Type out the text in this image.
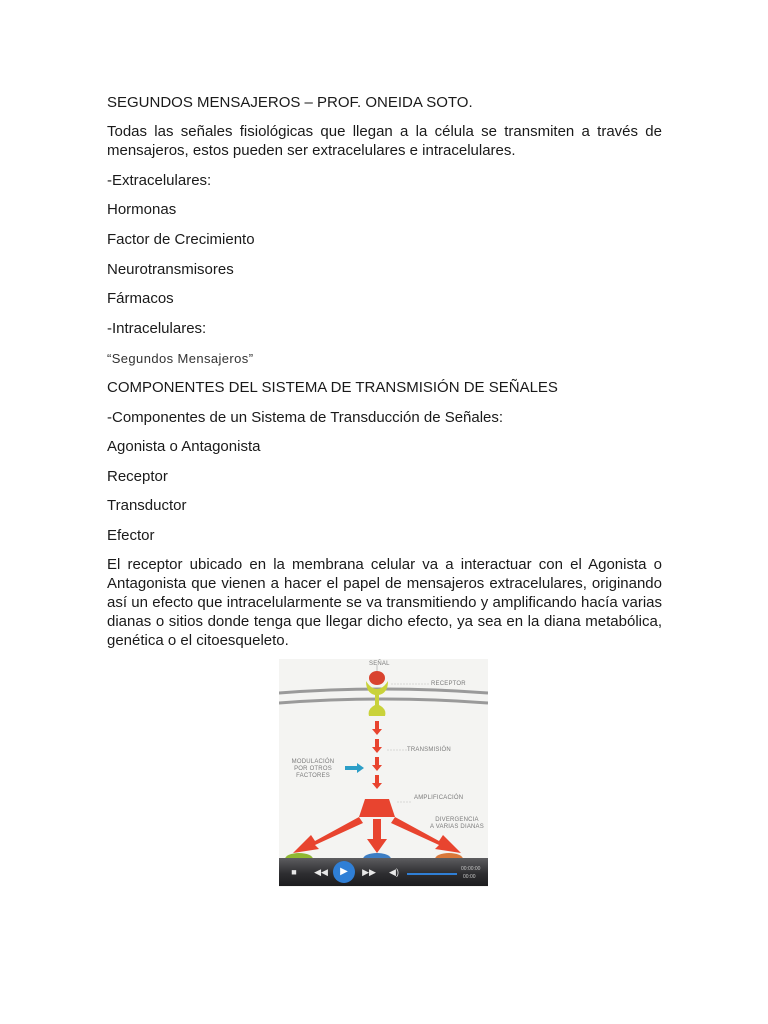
SEGUNDOS MENSAJEROS – PROF. ONEIDA SOTO.

Todas las señales fisiológicas que llegan a la célula se transmiten a través de mensajeros, estos pueden ser extracelulares e intracelulares.

-Extracelulares:

Hormonas

Factor de Crecimiento

Neurotransmisores

Fármacos

-Intracelulares:

“Segundos Mensajeros”

COMPONENTES DEL SISTEMA DE TRANSMISIÓN DE SEÑALES

-Componentes de un Sistema de Transducción de Señales:

Agonista o Antagonista

Receptor

Transductor

Efector

El receptor ubicado en la membrana celular va a interactuar con el Agonista o Antagonista que vienen a hacer el papel de mensajeros extracelulares, originando así un efecto que intracelularmente se va transmitiendo y amplificando hacía varias dianas o sitios donde tenga que llegar dicho efecto, ya sea en la diana metabólica, genética o el citoesqueleto.

SEÑAL
RECEPTOR
TRANSMISIÓN
MODULACIÓN
POR OTROS
FACTORES
AMPLIFICACIÓN
DIVERGENCIA
A VARIAS DIANAS
■	◀◀	▶	▶▶ ◀)	00:00:00
00:00
